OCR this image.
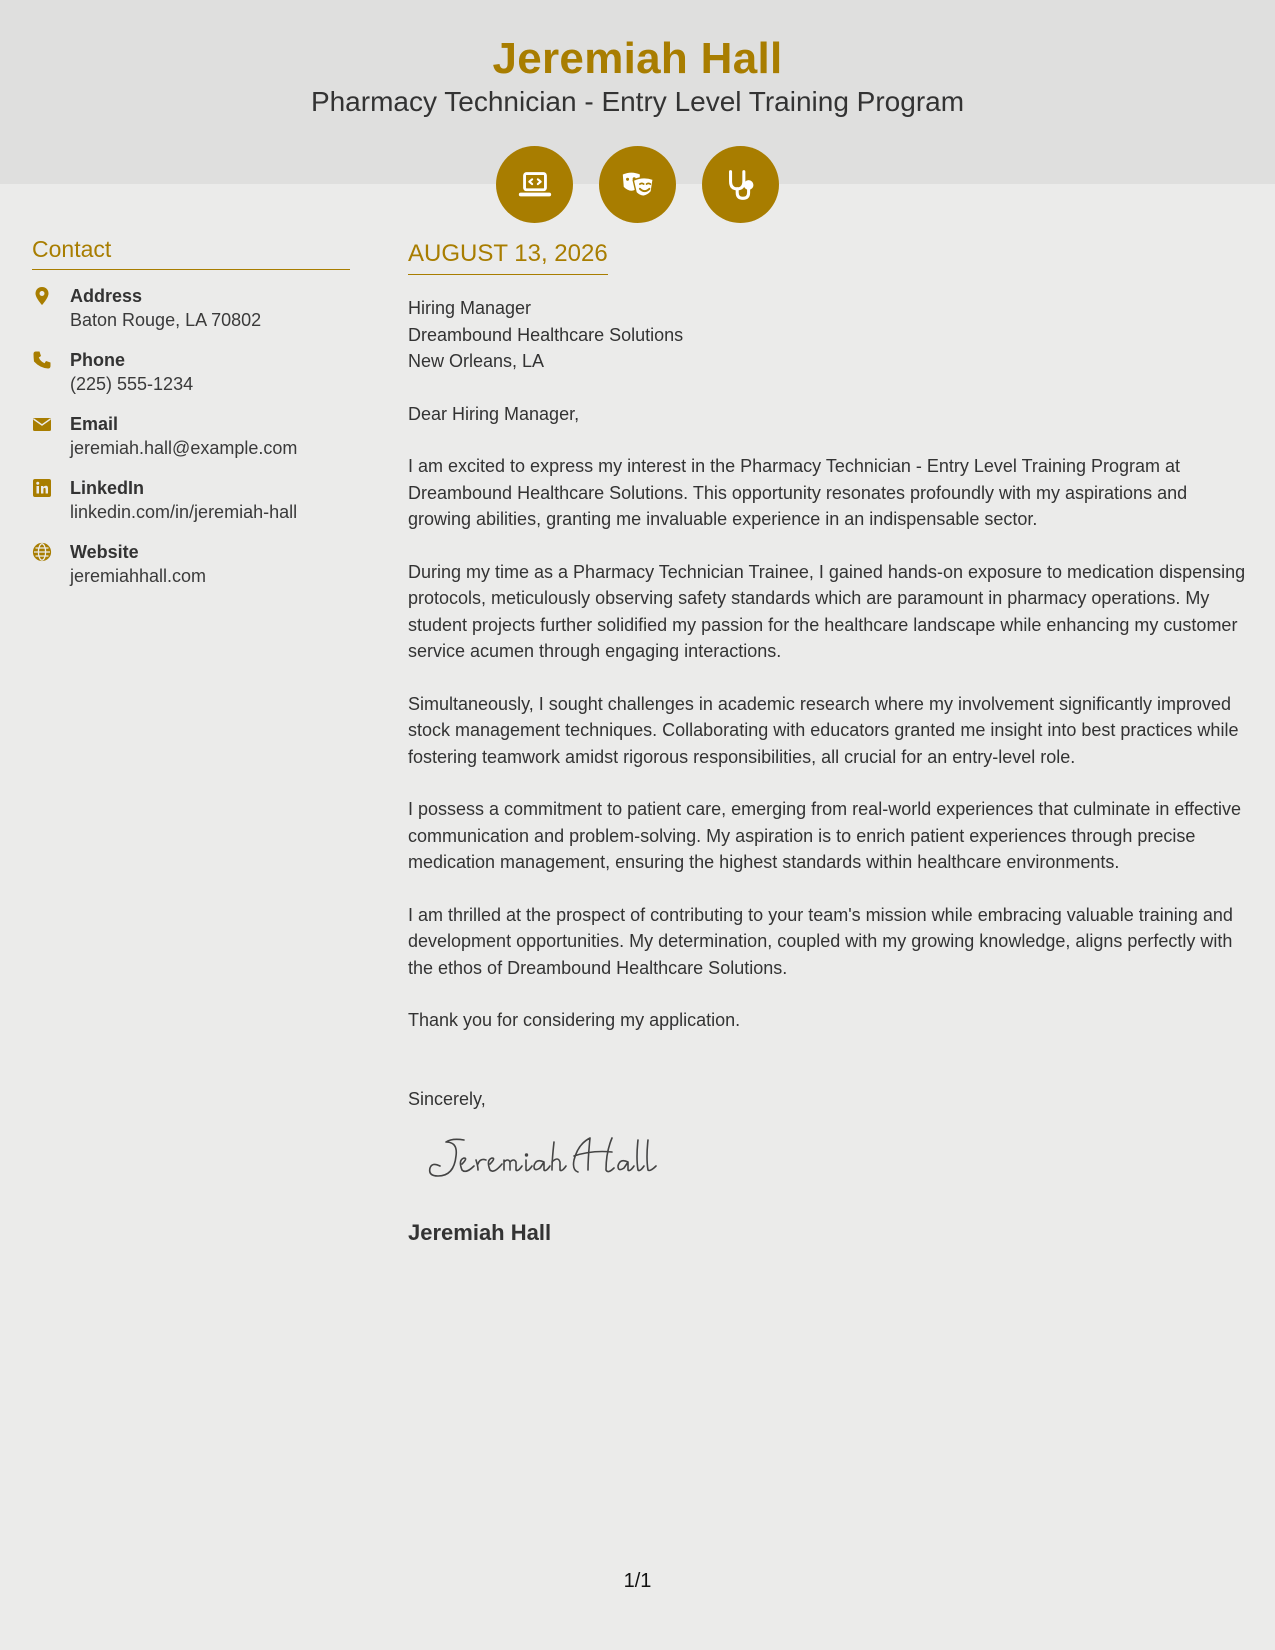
Jeremiah Hall
Pharmacy Technician - Entry Level Training Program
Contact
Address
Baton Rouge, LA 70802
Phone
(225) 555-1234
Email
jeremiah.hall@example.com
LinkedIn
linkedin.com/in/jeremiah-hall
Website
jeremiahhall.com
AUGUST 13, 2026
Hiring Manager
Dreambound Healthcare Solutions
New Orleans, LA
Dear Hiring Manager,

I am excited to express my interest in the Pharmacy Technician - Entry Level Training Program at Dreambound Healthcare Solutions. This opportunity resonates profoundly with my aspirations and growing abilities, granting me invaluable experience in an indispensable sector.

During my time as a Pharmacy Technician Trainee, I gained hands-on exposure to medication dispensing protocols, meticulously observing safety standards which are paramount in pharmacy operations. My student projects further solidified my passion for the healthcare landscape while enhancing my customer service acumen through engaging interactions.

Simultaneously, I sought challenges in academic research where my involvement significantly improved stock management techniques. Collaborating with educators granted me insight into best practices while fostering teamwork amidst rigorous responsibilities, all crucial for an entry-level role.

I possess a commitment to patient care, emerging from real-world experiences that culminate in effective communication and problem-solving. My aspiration is to enrich patient experiences through precise medication management, ensuring the highest standards within healthcare environments.

I am thrilled at the prospect of contributing to your team's mission while embracing valuable training and development opportunities. My determination, coupled with my growing knowledge, aligns perfectly with the ethos of Dreambound Healthcare Solutions.

Thank you for considering my application.

Sincerely,
Jeremiah Hall
1/1
